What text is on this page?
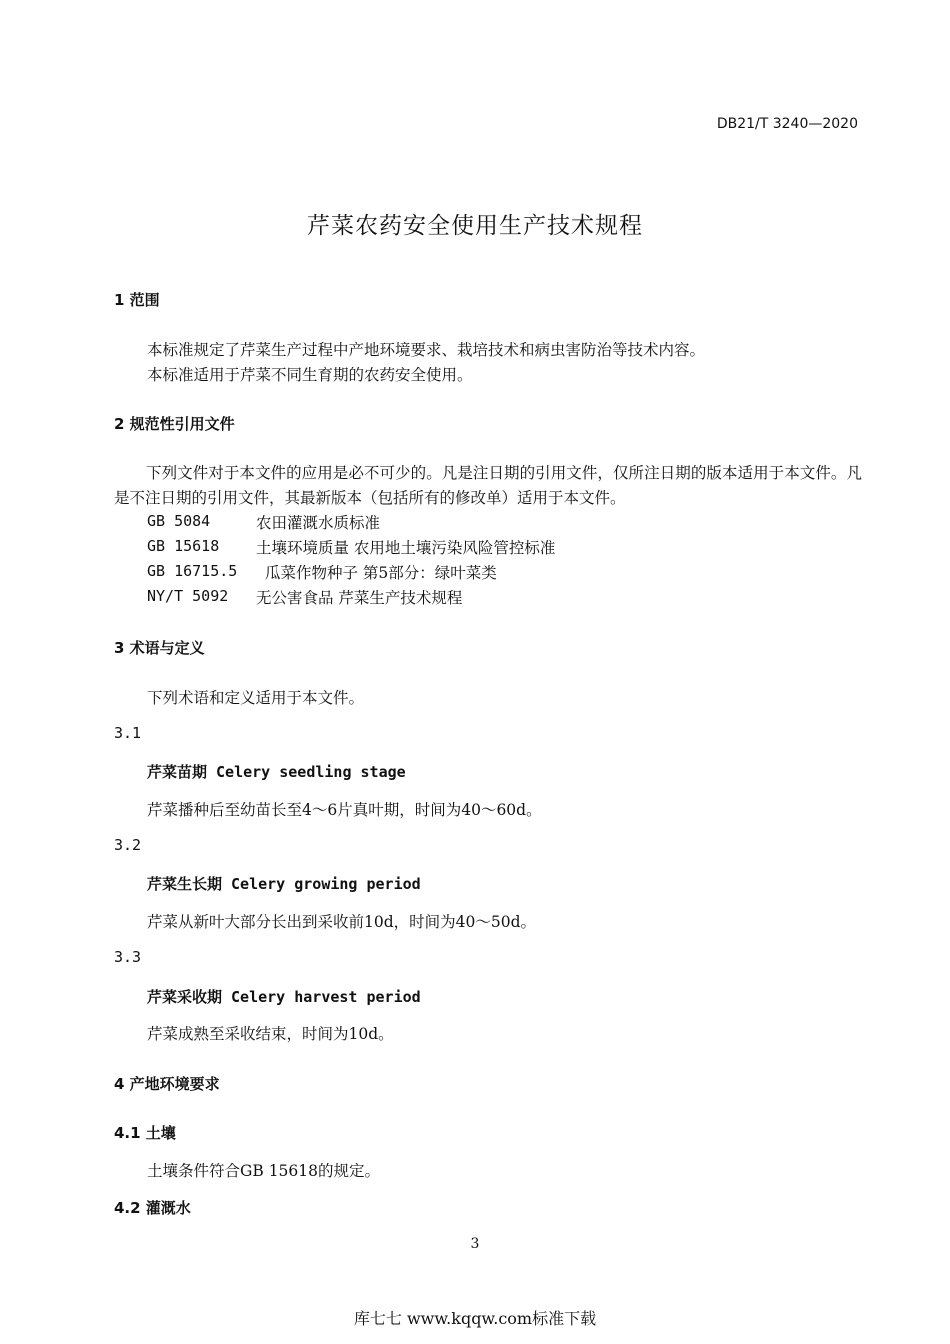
DB21/T 3240—2020
芹菜农药安全使用生产技术规程
1 范围
本标准规定了芹菜生产过程中产地环境要求、栽培技术和病虫害防治等技术内容。
本标准适用于芹菜不同生育期的农药安全使用。
2 规范性引用文件
下列文件对于本文件的应用是必不可少的。凡是注日期的引用文件，仅所注日期的版本适用于本文件。凡是不注日期的引用文件，其最新版本（包括所有的修改单）适用于本文件。
GB 5084	农田灌溉水质标准
GB 15618 土壤环境质量 农用地土壤污染风险管控标准
GB 16715.5 瓜菜作物种子 第5部分：绿叶菜类
NY/T 5092 无公害食品 芹菜生产技术规程
3 术语与定义
下列术语和定义适用于本文件。
3.1
芹菜苗期 Celery seedling stage
芹菜播种后至幼苗长至4～6片真叶期，时间为40～60d。
3.2
芹菜生长期 Celery growing period
芹菜从新叶大部分长出到采收前10d，时间为40～50d。
3.3
芹菜采收期 Celery harvest period
芹菜成熟至采收结束，时间为10d。
4 产地环境要求
4.1 土壤
土壤条件符合GB 15618的规定。
4.2 灌溉水
3
库七七 www.kqqw.com标准下载
